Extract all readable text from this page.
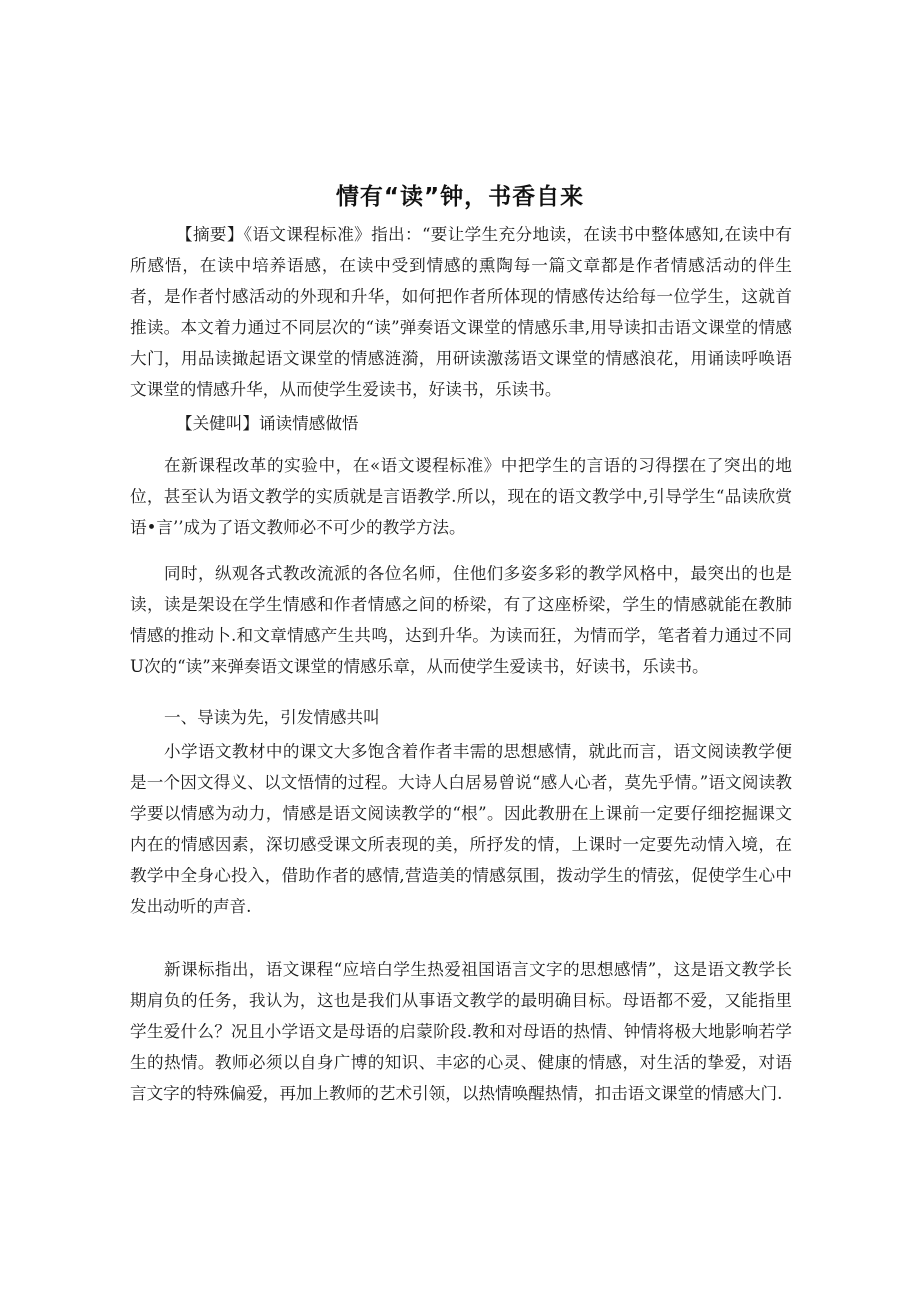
情有“读”钟，书香自来

【摘要】《语文课程标准》指出：“要让学生充分地读，在读书中整体感知,在读中有所感悟，在读中培养语感，在读中受到情感的熏陶每一篇文章都是作者情感活动的伴生者，是作者忖感活动的外现和升华，如何把作者所体现的情感传达给每一位学生，这就首推读。本文着力通过不同层次的“读”弹奏语文课堂的情感乐聿,用导读扣击语文课堂的情感大门，用品读撖起语文课堂的情感涟漪，用研读激荡语文课堂的情感浪花，用诵读呼唤语文课堂的情感升华，从而使学生爱读书，好读书，乐读书。

【关健叫】诵读情感做悟

在新课程改革的实验中，在«语文谡程标准》中把学生的言语的习得摆在了突出的地位，甚至认为语文教学的实质就是言语教学.所以，现在的语文教学中,引导学生“品读欣赏语•言’’成为了语文教师必不可少的教学方法。

同时，纵观各式教改流派的各位名师，住他们多姿多彩的教学风格中，最突出的也是读，读是架设在学生情感和作者情感之间的桥梁，有了这座桥梁，学生的情感就能在教肺情感的推动卜.和文章情感产生共鸣，达到升华。为读而狂，为情而学，笔者着力通过不同U次的“读”来弹奏语文课堂的情感乐章，从而使学生爱读书，好读书，乐读书。

一、导读为先，引发情感共叫

小学语文教材中的课文大多饱含着作者丰需的思想感情，就此而言，语文阅读教学便是一个因文得义、以文悟情的过程。大诗人白居易曾说“感人心者，莫先乎情。”语文阅读教学要以情感为动力，情感是语文阅读教学的“根”。因此教册在上课前一定要仔细挖掘课文内在的情感因素，深切感受课文所表现的美，所抒发的情，上课时一定要先动情入境，在教学中全身心投入，借助作者的感情,营造美的情感氛围，拨动学生的情弦，促使学生心中发出动听的声音.

新课标指出，语文课程“应培白学生热爱祖国语言文字的思想感情”，这是语文教学长期肩负的任务，我认为，这也是我们从事语文教学的最明确目标。母语都不爱，又能指里学生爱什么？况且小学语文是母语的启蒙阶段.教和对母语的热情、钟情将极大地影响若学生的热情。教师必须以自身广博的知识、丰宓的心灵、健康的情感，对生活的挚爱，对语言文字的特殊偏爱，再加上教师的艺术引领，以热情唤醒热情，扣击语文课堂的情感大门.
